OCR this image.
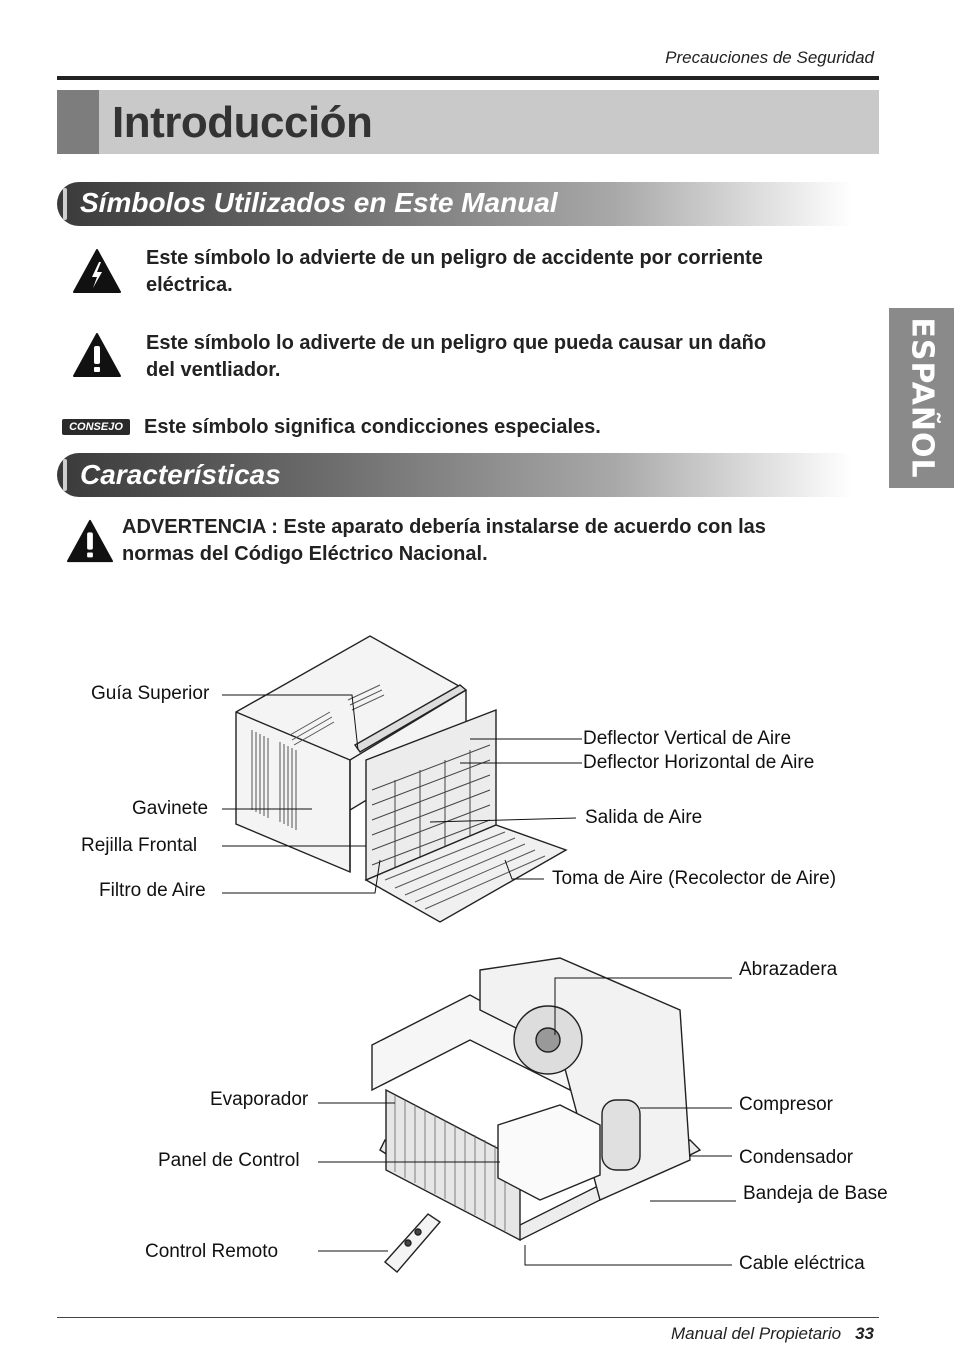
Precauciones de Seguridad
Introducción
ESPAÑOL
Símbolos Utilizados en Este Manual
Este símbolo lo advierte de un peligro de accidente por corriente
eléctrica.
Este símbolo lo adiverte de un peligro que pueda causar un daño
del ventliador.
CONSEJO	Este símbolo significa condicciones especiales.
Características
ADVERTENCIA : Este aparato debería instalarse de acuerdo con las
normas del Código Eléctrico Nacional.
Guía Superior
Gavinete
Rejilla Frontal
Filtro de Aire
Deflector Vertical de Aire
Deflector Horizontal de Aire
Salida de Aire
Toma de Aire (Recolector de Aire)
Abrazadera
Evaporador	Compresor
Panel de Control	Condensador
Bandeja de Base
Control Remoto
Cable eléctrica
Manual del Propietario 33
